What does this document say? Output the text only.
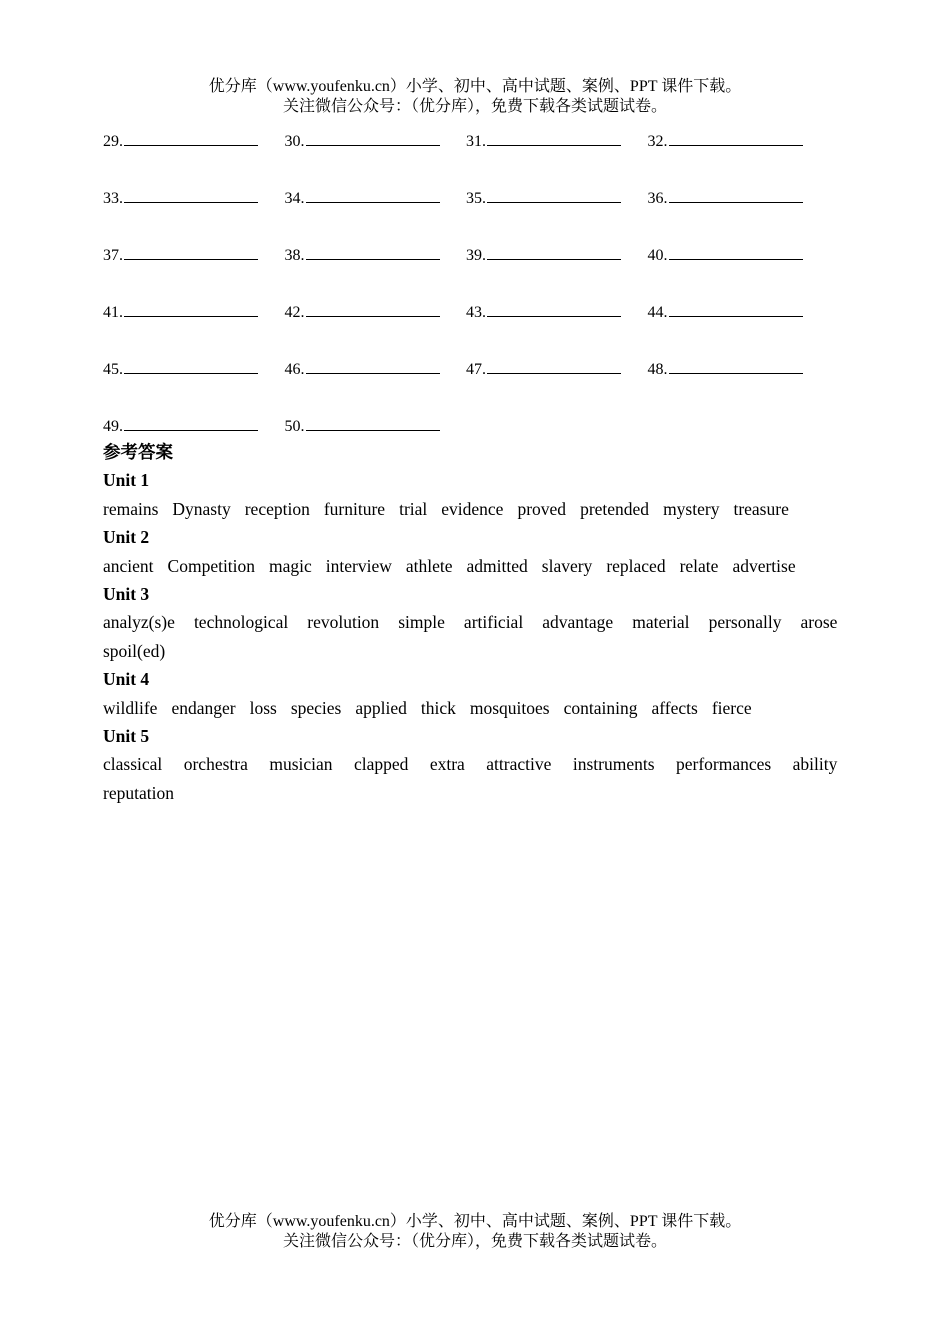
优分库（www.youfenku.cn）小学、初中、高中试题、案例、PPT 课件下载。
关注微信公众号：（优分库），免费下载各类试题试卷。
29.	30.	31.	32.
33.	34.	35.	36.
37.	38.	39.	40.
41.	42.	43.	44.
45.	46.	47.	48.
49.	50.
参考答案
Unit 1
remains Dynasty reception furniture trial evidence proved pretended mystery treasure
Unit 2
ancient Competition magic interview athlete admitted slavery replaced relate advertise
Unit 3
analyz(s)e technological revolution simple artificial advantage material personally arose spoil(ed)
Unit 4
wildlife endanger loss species applied thick mosquitoes containing affects fierce
Unit 5
classical orchestra musician clapped extra attractive instruments performances ability reputation
优分库（www.youfenku.cn）小学、初中、高中试题、案例、PPT 课件下载。
关注微信公众号：（优分库），免费下载各类试题试卷。
